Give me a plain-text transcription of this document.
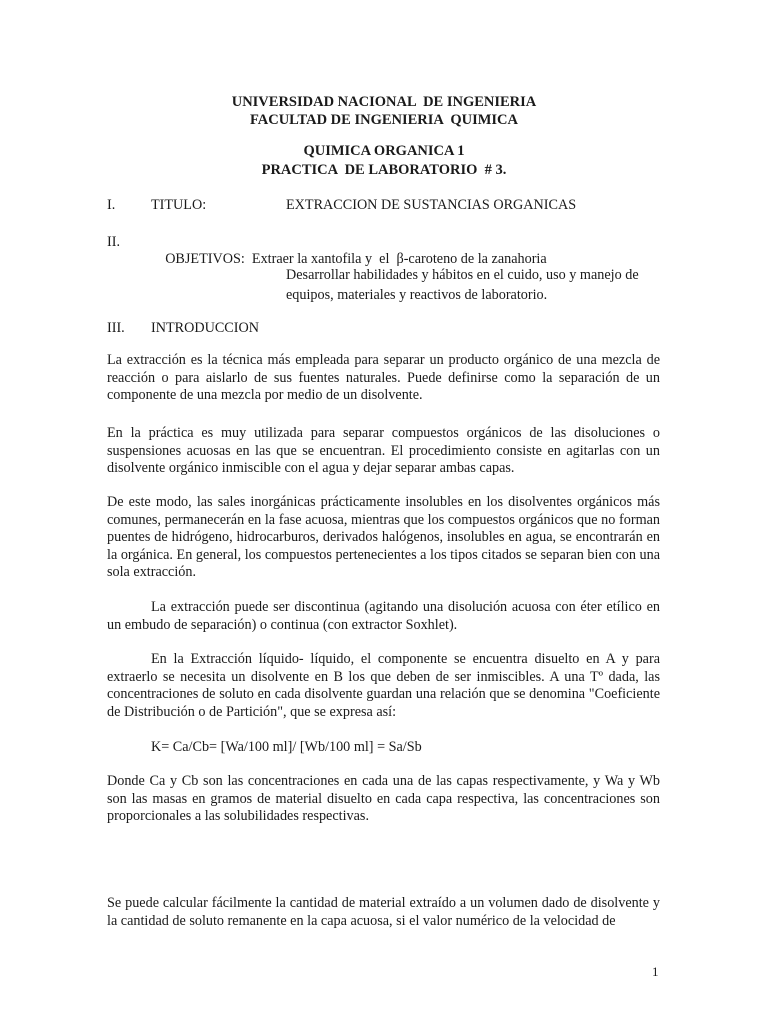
UNIVERSIDAD NACIONAL  DE INGENIERIA
FACULTAD DE INGENIERIA  QUIMICA
QUIMICA ORGANICA 1
PRACTICA  DE LABORATORIO  # 3.
I.	TITULO:	EXTRACCION DE SUSTANCIAS ORGANICAS
II.

OBJETIVOS: Extraer la xantofila y  el  β-caroteno de la zanahoria

Desarrollar habilidades y hábitos en el cuido, uso y manejo de equipos, materiales y reactivos de laboratorio.

III. INTRODUCCION

La extracción es la técnica más empleada para separar un producto orgánico de una mezcla de reacción o para aislarlo de sus fuentes naturales. Puede definirse como la separación de un componente de una mezcla por medio de un disolvente.

En la práctica es muy utilizada para separar compuestos orgánicos de las disoluciones o suspensiones acuosas en las que se encuentran. El procedimiento consiste en agitarlas con un disolvente orgánico inmiscible con el agua y dejar separar ambas capas.

De este modo, las sales inorgánicas prácticamente insolubles en los disolventes orgánicos más comunes, permanecerán en la fase acuosa, mientras que los compuestos orgánicos que no forman puentes de hidrógeno, hidrocarburos, derivados halógenos, insolubles en agua, se encontrarán en la orgánica. En general, los compuestos pertenecientes a los tipos citados se separan bien con una sola extracción.

La extracción puede ser discontinua (agitando una disolución acuosa con éter etílico en un embudo de separación) o continua (con extractor Soxhlet).

En la Extracción líquido- líquido, el componente se encuentra disuelto en A y para extraerlo se necesita un disolvente en B los que deben de ser inmiscibles. A una Tº dada, las concentraciones de soluto en cada disolvente guardan una relación que se denomina "Coeficiente de Distribución o de Partición", que se expresa así:

K= Ca/Cb= [Wa/100 ml]/ [Wb/100 ml] = Sa/Sb

Donde Ca y Cb son las concentraciones en cada una de las capas respectivamente, y Wa y Wb son las masas en gramos de material disuelto en cada capa respectiva, las concentraciones son proporcionales a las solubilidades respectivas.

Se puede calcular fácilmente la cantidad de material extraído a un volumen dado de disolvente y la cantidad de soluto remanente en la capa acuosa, si el valor numérico de la velocidad de

1
